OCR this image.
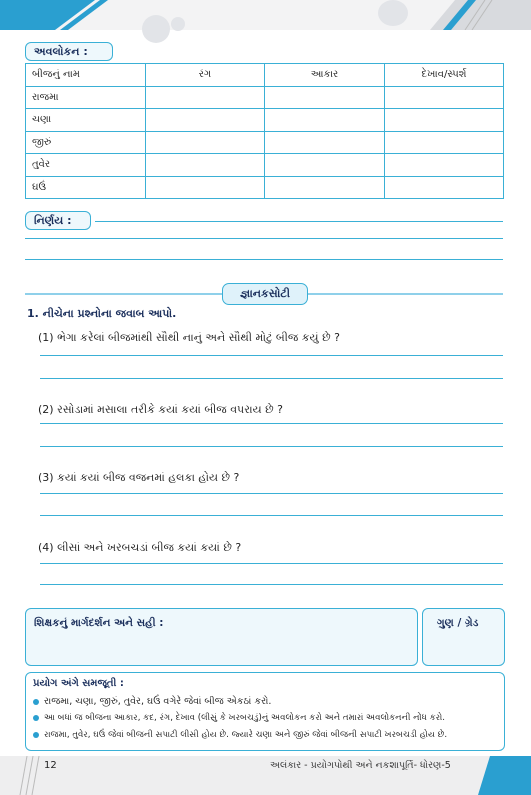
અવલોકન :
બીજનું નામ	રંગ	આકાર	દેખાવ/સ્પર્શ
રાજમા			
ચણા			
જીરું			
તુવેર			
ઘઉં			
નિર્ણય :
જ્ઞાનકસોટી
1. નીચેના પ્રશ્નોના જવાબ આપો.
(1) ભેગા કરેલાં બીજમાંથી સૌથી નાનું અને સૌથી મોટું બીજ કયું છે ?
(2) રસોડામાં મસાલા તરીકે કયાં કયાં બીજ વપરાય છે ?
(3) કયાં કયાં બીજ વજનમાં હલકા હોય છે ?
(4) લીસાં અને ખરબચડાં બીજ કયાં કયાં છે ?
શિક્ષકનું માર્ગદર્શન અને સહી :	ગુણ / ગ્રેડ
પ્રયોગ અંગે સમજૂતી :
રાજમા, ચણા, જીરું, તુવેર, ઘઉં વગેરે જેવાં બીજ એકઠાં કરો.
આ બધાં જ બીજના આકાર, કદ, રંગ, દેખાવ (લીસું કે ખરબચડું)નું અવલોકન કરો અને તમારાં અવલોકનની નોંધ કરો.
રાજમા, તુવેર, ઘઉં જેવાં બીજની સપાટી લીસી હોય છે. જ્યારે ચણા અને જીરું જેવાં બીજની સપાટી ખરબચડી હોય છે.
12	અલંકાર - પ્રયોગપોથી અને નકશાપૂર્તિ- ધોરણ-5
